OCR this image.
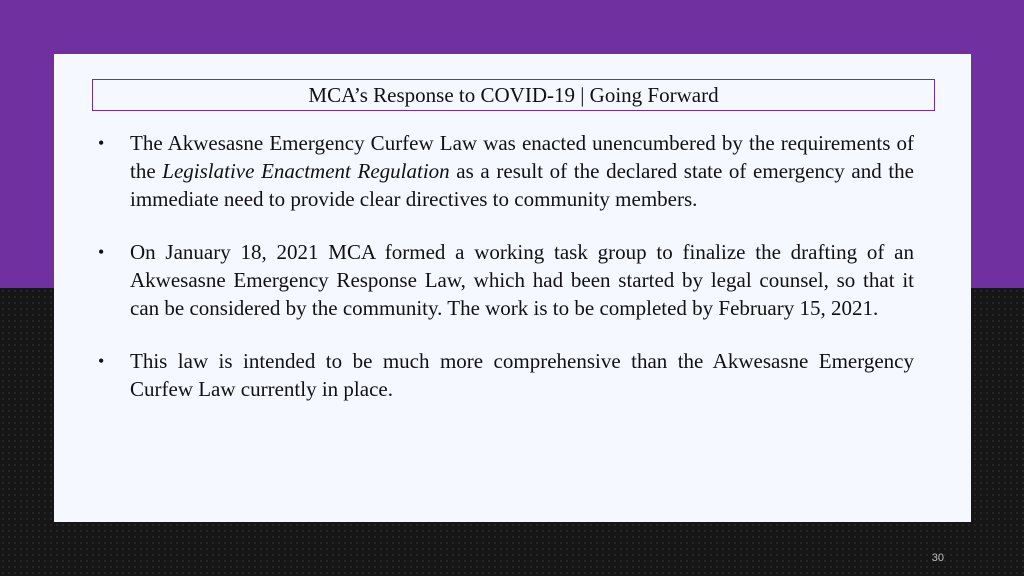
MCA’s Response to COVID-19 | Going Forward
• The Akwesasne Emergency Curfew Law was enacted unencumbered by the requirements of the Legislative Enactment Regulation as a result of the declared state of emergency and the immediate need to provide clear directives to community members.
• On January 18, 2021 MCA formed a working task group to finalize the drafting of an Akwesasne Emergency Response Law, which had been started by legal counsel, so that it can be considered by the community. The work is to be completed by February 15, 2021.
• This law is intended to be much more comprehensive than the Akwesasne Emergency Curfew Law currently in place.
30
